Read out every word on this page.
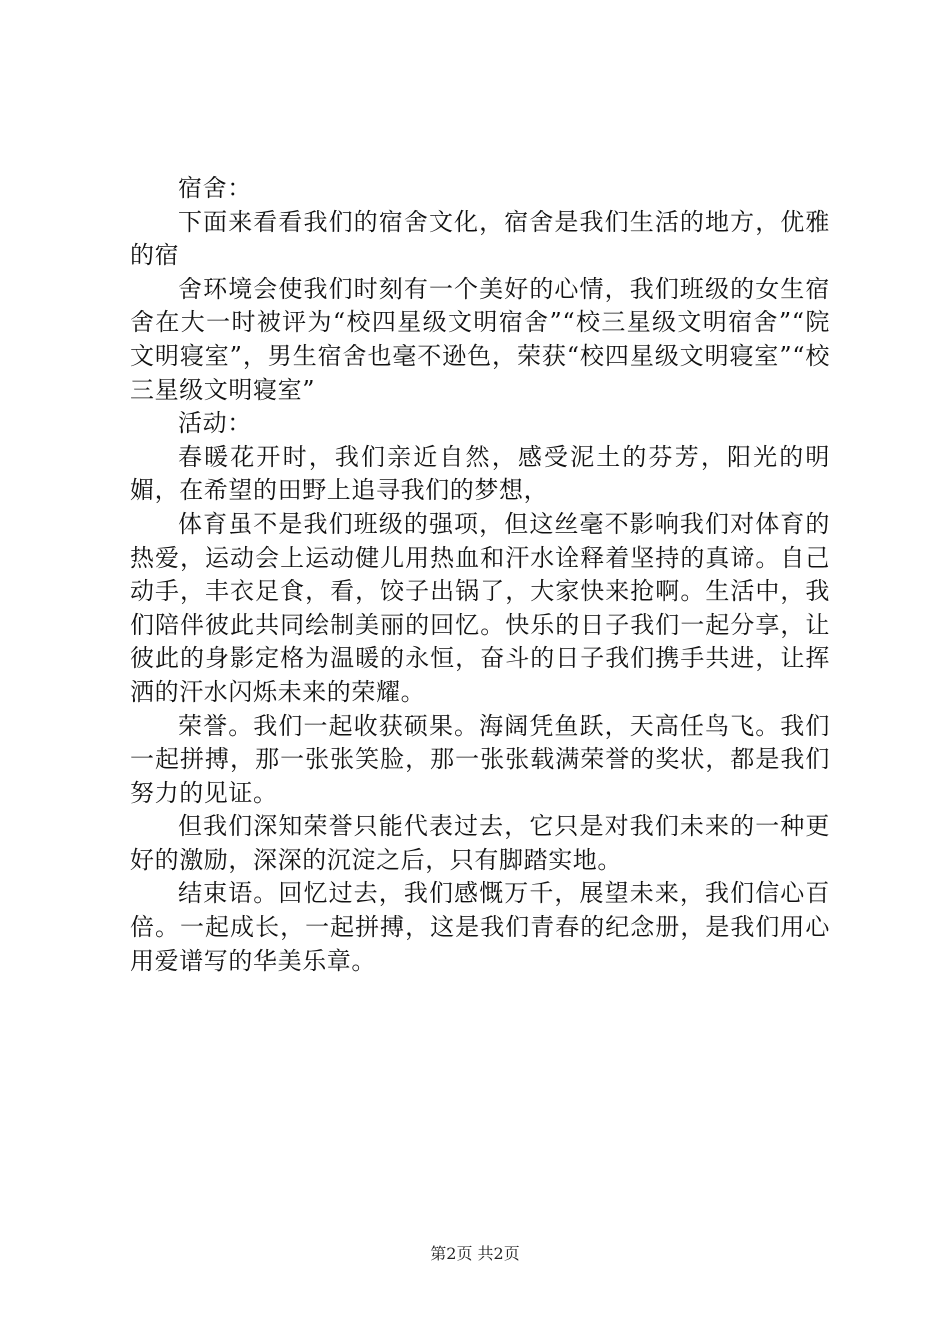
宿舍：

下面来看看我们的宿舍文化，宿舍是我们生活的地方，优雅的宿

舍环境会使我们时刻有一个美好的心情，我们班级的女生宿舍在大一时被评为“校四星级文明宿舍”“校三星级文明宿舍”“院文明寝室”，男生宿舍也毫不逊色，荣获“校四星级文明寝室”“校三星级文明寝室”

活动：

春暖花开时，我们亲近自然，感受泥土的芬芳，阳光的明媚，在希望的田野上追寻我们的梦想，

体育虽不是我们班级的强项，但这丝毫不影响我们对体育的热爱，运动会上运动健儿用热血和汗水诠释着坚持的真谛。自己动手，丰衣足食，看，饺子出锅了，大家快来抢啊。生活中，我们陪伴彼此共同绘制美丽的回忆。快乐的日子我们一起分享，让彼此的身影定格为温暖的永恒，奋斗的日子我们携手共进，让挥洒的汗水闪烁未来的荣耀。

荣誉。我们一起收获硕果。海阔凭鱼跃，天高任鸟飞。我们一起拼搏，那一张张笑脸，那一张张载满荣誉的奖状，都是我们努力的见证。

但我们深知荣誉只能代表过去，它只是对我们未来的一种更好的激励，深深的沉淀之后，只有脚踏实地。

结束语。回忆过去，我们感慨万千，展望未来，我们信心百倍。一起成长，一起拼搏，这是我们青春的纪念册，是我们用心用爱谱写的华美乐章。

第2页 共2页
